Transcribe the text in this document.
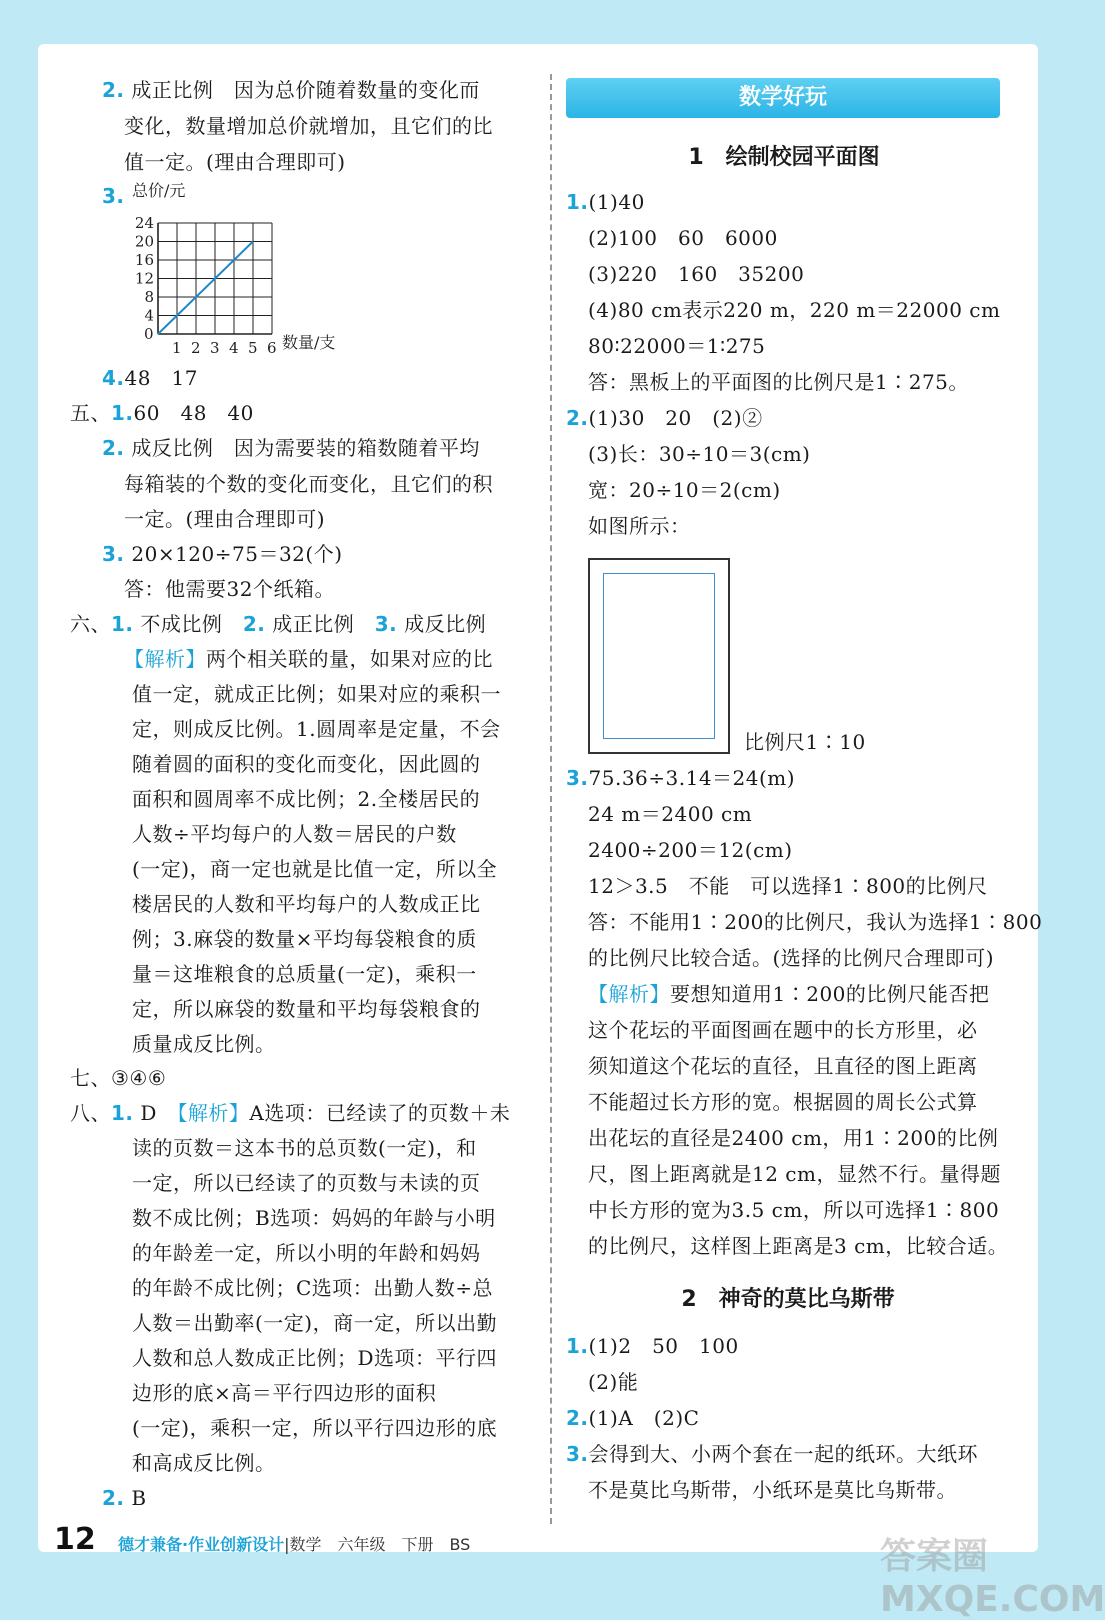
2. 成正比例　因为总价随着数量的变化而
变化，数量增加总价就增加，且它们的比
值一定。(理由合理即可)
3. 总价/元
1 2 3 4 5 6
4
8
12
16
20
24
数量/支
0
4.48　17
五、1.60　48　40
2. 成反比例　因为需要装的箱数随着平均
每箱装的个数的变化而变化，且它们的积
一定。(理由合理即可)
3. 20×120÷75＝32(个)
答：他需要32个纸箱。
六、1. 不成比例　 2. 成正比例　 3. 成反比例
【解析】两个相关联的量，如果对应的比
值一定，就成正比例；如果对应的乘积一
定，则成反比例。1.圆周率是定量，不会
随着圆的面积的变化而变化，因此圆的
面积和圆周率不成比例；2.全楼居民的
人数÷平均每户的人数＝居民的户数
(一定)，商一定也就是比值一定，所以全
楼居民的人数和平均每户的人数成正比
例；3.麻袋的数量×平均每袋粮食的质
量＝这堆粮食的总质量(一定)，乘积一
定，所以麻袋的数量和平均每袋粮食的
质量成反比例。
七、③④⑥
八、1. D　 【解析】A选项：已经读了的页数＋未
读的页数＝这本书的总页数(一定)，和
一定，所以已经读了的页数与未读的页
数不成比例；B选项：妈妈的年龄与小明
的年龄差一定，所以小明的年龄和妈妈
的年龄不成比例；C选项：出勤人数÷总
人数＝出勤率(一定)，商一定，所以出勤
人数和总人数成正比例；D选项：平行四
边形的底×高＝平行四边形的面积
(一定)，乘积一定，所以平行四边形的底
和高成反比例。
2. B
数学好玩
1　绘制校园平面图
1.(1)40
(2)100　60　6000
(3)220　160　35200
(4)80 cm表示220 m，220 m＝22000 cm
80∶22000＝1∶275
答：黑板上的平面图的比例尺是1∶275。
2.(1)30　20　(2)②
(3)长：30÷10＝3(cm)
宽：20÷10＝2(cm)
如图所示：
比例尺1∶10
3.75.36÷3.14＝24(m)
24 m＝2400 cm
2400÷200＝12(cm)
12＞3.5　不能　可以选择1∶800的比例尺
答：不能用1∶200的比例尺，我认为选择1∶800
的比例尺比较合适。(选择的比例尺合理即可)
【解析】要想知道用1∶200的比例尺能否把
这个花坛的平面图画在题中的长方形里，必
须知道这个花坛的直径，且直径的图上距离
不能超过长方形的宽。根据圆的周长公式算
出花坛的直径是2400 cm，用1∶200的比例
尺，图上距离就是12 cm，显然不行。量得题
中长方形的宽为3.5 cm，所以可选择1∶800
的比例尺，这样图上距离是3 cm，比较合适。
2　神奇的莫比乌斯带
1.(1)2　50　100
(2)能
2.(1)A　(2)C
3.会得到大、小两个套在一起的纸环。大纸环
不是莫比乌斯带，小纸环是莫比乌斯带。
12 德才兼备·作业创新设计|数学　六年级　下册　BS	答案圈 MXQE.COM
